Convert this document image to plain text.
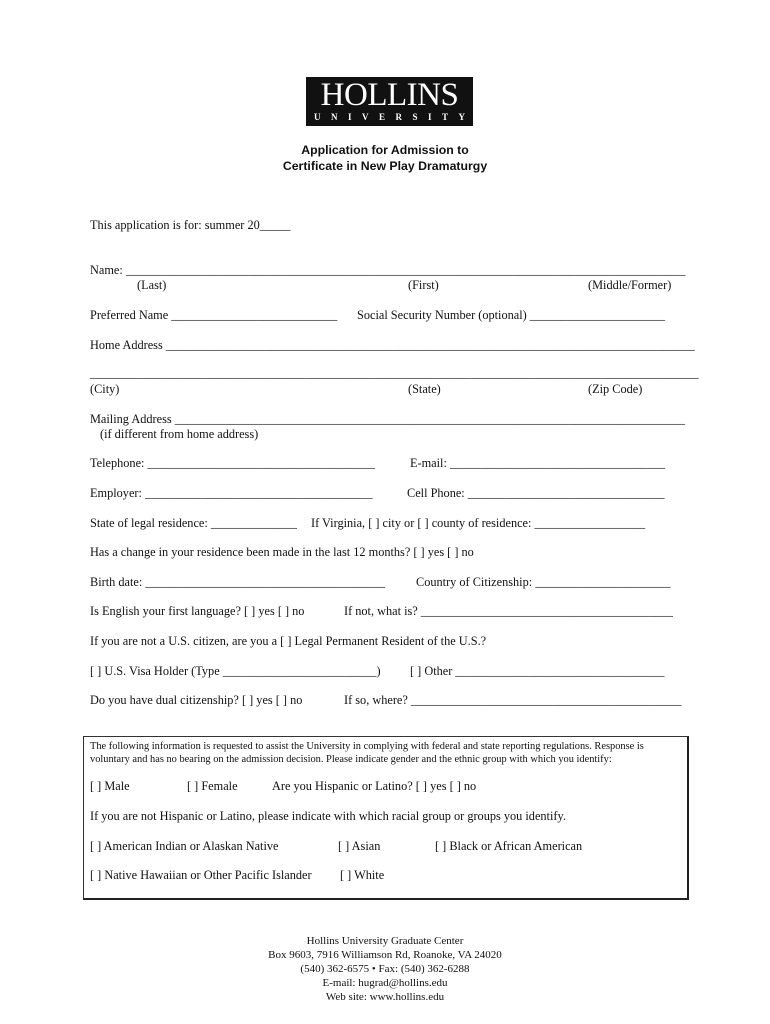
HOLLINS
UNIVERSITY
Application for Admission to
Certificate in New Play Dramaturgy
This application is for: summer 20_____
Name: ___________________________________________________________________________________________
(Last)	(First)	(Middle/Former)
Preferred Name ___________________________ Social Security Number (optional) ______________________
Home Address ______________________________________________________________________________________
___________________________________________________________________________________________________
(City)	(State)	(Zip Code)
Mailing Address ___________________________________________________________________________________
(if different from home address)
Telephone: _____________________________________	E-mail: ___________________________________
Employer: _____________________________________	Cell Phone: ________________________________
State of legal residence: ______________ If Virginia, [ ] city or [ ] county of residence: __________________
Has a change in your residence been made in the last 12 months? [ ] yes [ ] no
Birth date: _______________________________________	Country of Citizenship: ______________________
Is English your first language? [ ] yes [ ] no	If not, what is? _________________________________________
If you are not a U.S. citizen, are you a [ ] Legal Permanent Resident of the U.S.?
[ ] U.S. Visa Holder (Type _________________________) [ ] Other __________________________________
Do you have dual citizenship? [ ] yes [ ] no	If so, where? ____________________________________________
The following information is requested to assist the University in complying with federal and state reporting regulations. Response is voluntary and has no bearing on the admission decision. Please indicate gender and the ethnic group with which you identify:
[ ] Male	[ ] Female	Are you Hispanic or Latino? [ ] yes [ ] no
If you are not Hispanic or Latino, please indicate with which racial group or groups you identify.
[ ] American Indian or Alaskan Native	[ ] Asian	[ ] Black or African American
[ ] Native Hawaiian or Other Pacific Islander [ ] White
Hollins University Graduate Center
Box 9603, 7916 Williamson Rd, Roanoke, VA 24020
(540) 362-6575 • Fax: (540) 362-6288
E-mail: hugrad@hollins.edu
Web site: www.hollins.edu
